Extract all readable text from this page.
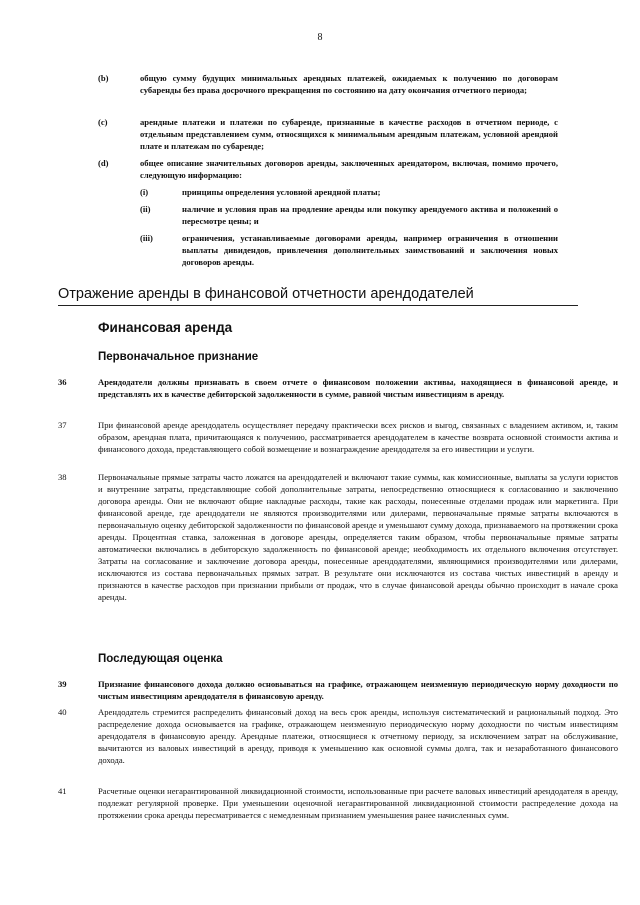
8
(b)	общую сумму будущих минимальных арендных платежей, ожидаемых к получению по договорам субаренды без права досрочного прекращения по состоянию на дату окончания отчетного периода;
(c)	арендные платежи и платежи по субаренде, признанные в качестве расходов в отчетном периоде, с отдельным представлением сумм, относящихся к минимальным арендным платежам, условной арендной плате и платежам по субаренде;
(d)	общее описание значительных договоров аренды, заключенных арендатором, включая, помимо прочего, следующую информацию:
(i)	принципы определения условной арендной платы;
(ii)	наличие и условия прав на продление аренды или покупку арендуемого актива и положений о пересмотре цены; и
(iii)	ограничения, устанавливаемые договорами аренды, например ограничения в отношении выплаты дивидендов, привлечения дополнительных заимствований и заключения новых договоров аренды.
Отражение аренды в финансовой отчетности арендодателей
Финансовая аренда
Первоначальное признание
36	Арендодатели должны признавать в своем отчете о финансовом положении активы, находящиеся в финансовой аренде, и представлять их в качестве дебиторской задолженности в сумме, равной чистым инвестициям в аренду.
37	При финансовой аренде арендодатель осуществляет передачу практически всех рисков и выгод, связанных с владением активом, и, таким образом, арендная плата, причитающаяся к получению, рассматривается арендодателем в качестве возврата основной стоимости актива и финансового дохода, представляющего собой возмещение и вознаграждение арендодателя за его инвестиции и услуги.
38	Первоначальные прямые затраты часто ложатся на арендодателей и включают такие суммы, как комиссионные, выплаты за услуги юристов и внутренние затраты, представляющие собой дополнительные затраты, непосредственно относящиеся к согласованию и заключению договора аренды. Они не включают общие накладные расходы, такие как расходы, понесенные отделами продаж или маркетинга. При финансовой аренде, где арендодатели не являются производителями или дилерами, первоначальные прямые затраты включаются в первоначальную оценку дебиторской задолженности по финансовой аренде и уменьшают сумму дохода, признаваемого на протяжении срока аренды. Процентная ставка, заложенная в договоре аренды, определяется таким образом, чтобы первоначальные прямые затраты автоматически включались в дебиторскую задолженность по финансовой аренде; необходимость их отдельного включения отсутствует. Затраты на согласование и заключение договора аренды, понесенные арендодателями, являющимися производителями или дилерами, исключаются из состава первоначальных прямых затрат. В результате они исключаются из состава чистых инвестиций в аренду и признаются в качестве расходов при признании прибыли от продаж, что в случае финансовой аренды обычно происходит в начале срока аренды.
Последующая оценка
39	Признание финансового дохода должно основываться на графике, отражающем неизменную периодическую норму доходности по чистым инвестициям арендодателя в финансовую аренду.
40	Арендодатель стремится распределить финансовый доход на весь срок аренды, используя систематический и рациональный подход. Это распределение дохода основывается на графике, отражающем неизменную периодическую норму доходности по чистым инвестициям арендодателя в финансовую аренду. Арендные платежи, относящиеся к отчетному периоду, за исключением затрат на обслуживание, вычитаются из валовых инвестиций в аренду, приводя к уменьшению как основной суммы долга, так и незаработанного финансового дохода.
41	Расчетные оценки негарантированной ликвидационной стоимости, использованные при расчете валовых инвестиций арендодателя в аренду, подлежат регулярной проверке. При уменьшении оценочной негарантированной ликвидационной стоимости распределение дохода на протяжении срока аренды пересматривается с немедленным признанием уменьшения ранее начисленных сумм.
